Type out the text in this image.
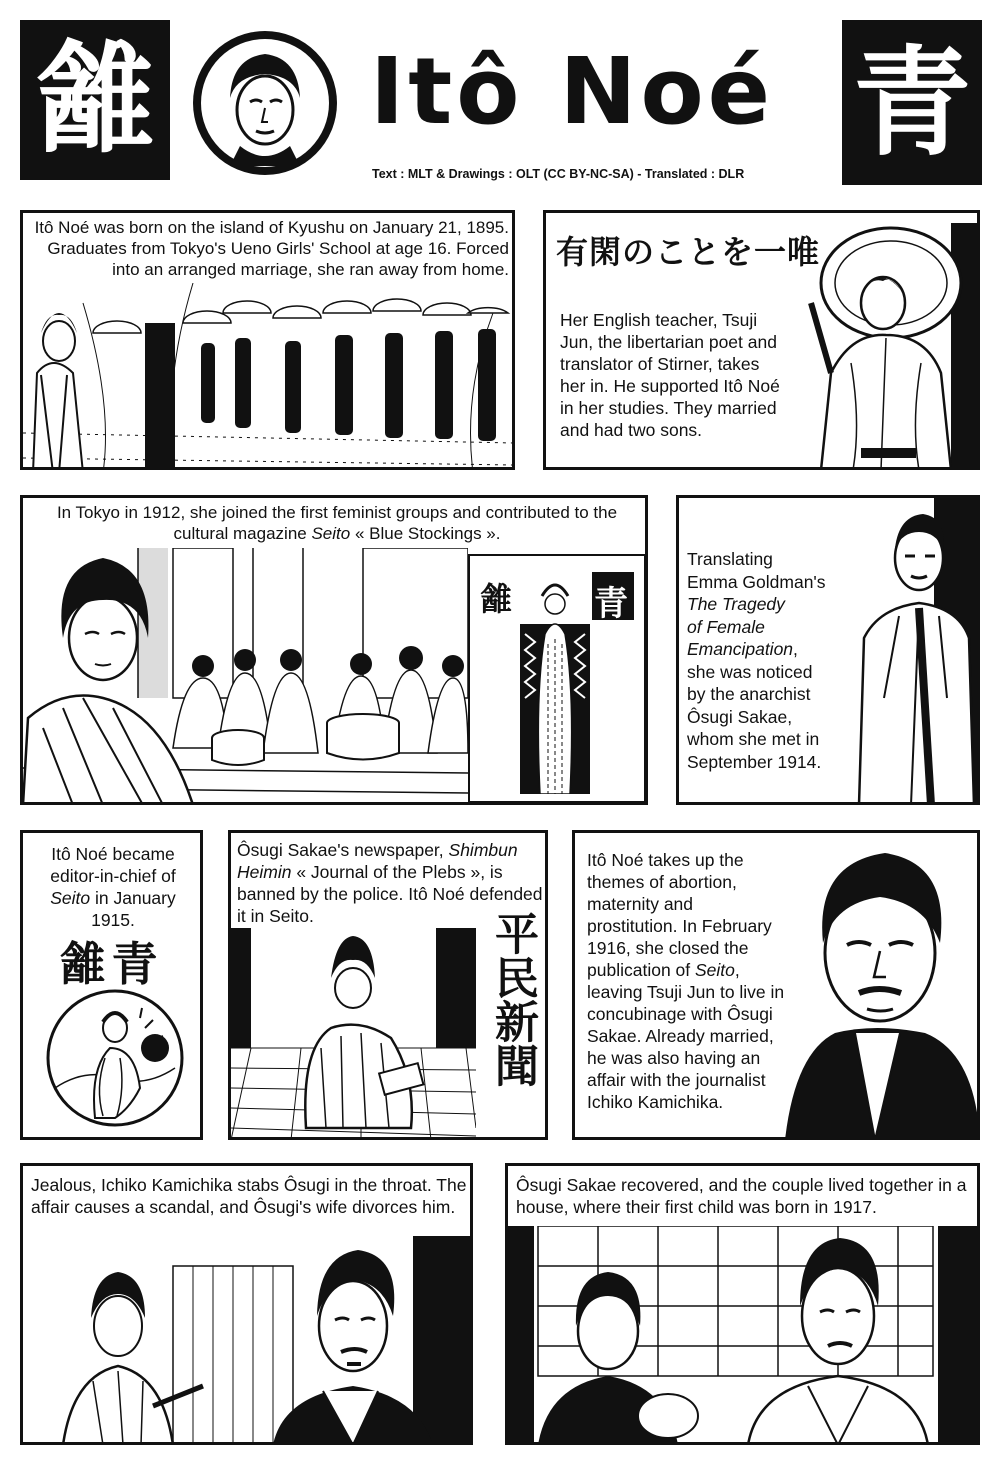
䨄 Itô Noé
Text : MLT & Drawings : OLT (CC BY-NC-SA) - Translated : DLR
青
Itô Noé was born on the island of Kyushu on January 21, 1895. Graduates from Tokyo's Ueno Girls' School at age 16. Forced into an arranged marriage, she ran away from home. 有閑のことを一唯
Her English teacher, Tsuji Jun, the libertarian poet and translator of Stirner, takes her in. He supported Itô Noé in her studies. They married and had two sons.
In Tokyo in 1912, she joined the first feminist groups and contributed to the cultural magazine Seito « Blue Stockings ».
䨄 青
Translating
Emma Goldman's
The Tragedy
of Female
Emancipation,
she was noticed
by the anarchist
Ôsugi Sakae,
whom she met in
September 1914.
Itô Noé became editor-in-chief of Seito in January 1915.
䨄青
Ôsugi Sakae's newspaper, Shimbun Heimin « Journal of the Plebs », is banned by the police. Itô Noé defended it in Seito.	平民新聞
Itô Noé takes up the themes of abortion, maternity and prostitution. In February 1916, she closed the publication of Seito, leaving Tsuji Jun to live in concubinage with Ôsugi Sakae. Already married, he was also having an affair with the journalist Ichiko Kamichika.
Jealous, Ichiko Kamichika stabs Ôsugi in the throat. The affair causes a scandal, and Ôsugi's wife divorces him.
Ôsugi Sakae recovered, and the couple lived together in a house, where their first child was born in 1917.
